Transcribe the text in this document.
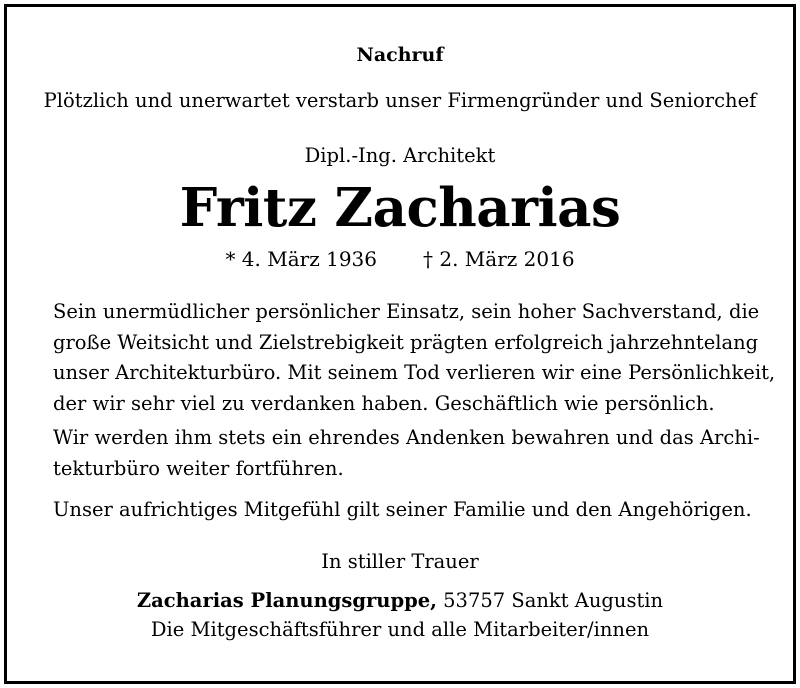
Nachruf
Plötzlich und unerwartet verstarb unser Firmengründer und Seniorchef
Dipl.-Ing. Architekt
Fritz Zacharias
* 4. März 1936 † 2. März 2016
Sein unermüdlicher persönlicher Einsatz, sein hoher Sachverstand, die
große Weitsicht und Zielstrebigkeit prägten erfolgreich jahrzehntelang
unser Architekturbüro. Mit seinem Tod verlieren wir eine Persönlichkeit,
der wir sehr viel zu verdanken haben. Geschäftlich wie persönlich.
Wir werden ihm stets ein ehrendes Andenken bewahren und das Archi-
tekturbüro weiter fortführen.
Unser aufrichtiges Mitgefühl gilt seiner Familie und den Angehörigen.
In stiller Trauer
Zacharias Planungsgruppe, 53757 Sankt Augustin
Die Mitgeschäftsführer und alle Mitarbeiter/innen
